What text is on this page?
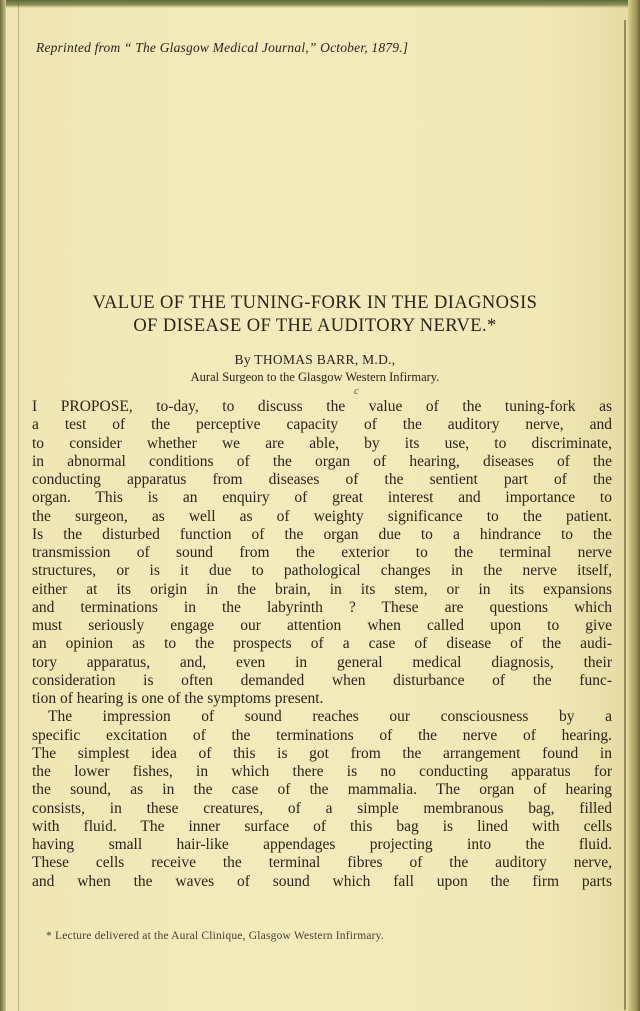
Reprinted from “ The Glasgow Medical Journal,” October, 1879.]
VALUE OF THE TUNING-FORK IN THE DIAGNOSIS
OF DISEASE OF THE AUDITORY NERVE.*
By THOMAS BARR, M.D.,
Aural Surgeon to the Glasgow Western Infirmary.
c
I PROPOSE, to-day, to discuss the value of the tuning-fork as
a test of the perceptive capacity of the auditory nerve, and
to consider whether we are able, by its use, to discriminate,
in abnormal conditions of the organ of hearing, diseases of the
conducting apparatus from diseases of the sentient part of the
organ. This is an enquiry of great interest and importance to
the surgeon, as well as of weighty significance to the patient.
Is the disturbed function of the organ due to a hindrance to the
transmission of sound from the exterior to the terminal nerve
structures, or is it due to pathological changes in the nerve itself,
either at its origin in the brain, in its stem, or in its expansions
and terminations in the labyrinth ? These are questions which
must seriously engage our attention when called upon to give
an opinion as to the prospects of a case of disease of the audi-
tory apparatus, and, even in general medical diagnosis, their
consideration is often demanded when disturbance of the func-
tion of hearing is one of the symptoms present.
The impression of sound reaches our consciousness by a
specific excitation of the terminations of the nerve of hearing.
The simplest idea of this is got from the arrangement found in
the lower fishes, in which there is no conducting apparatus for
the sound, as in the case of the mammalia. The organ of hearing
consists, in these creatures, of a simple membranous bag, filled
with fluid. The inner surface of this bag is lined with cells
having small hair-like appendages projecting into the fluid.
These cells receive the terminal fibres of the auditory nerve,
and when the waves of sound which fall upon the firm parts
* Lecture delivered at the Aural Clinique, Glasgow Western Infirmary.
